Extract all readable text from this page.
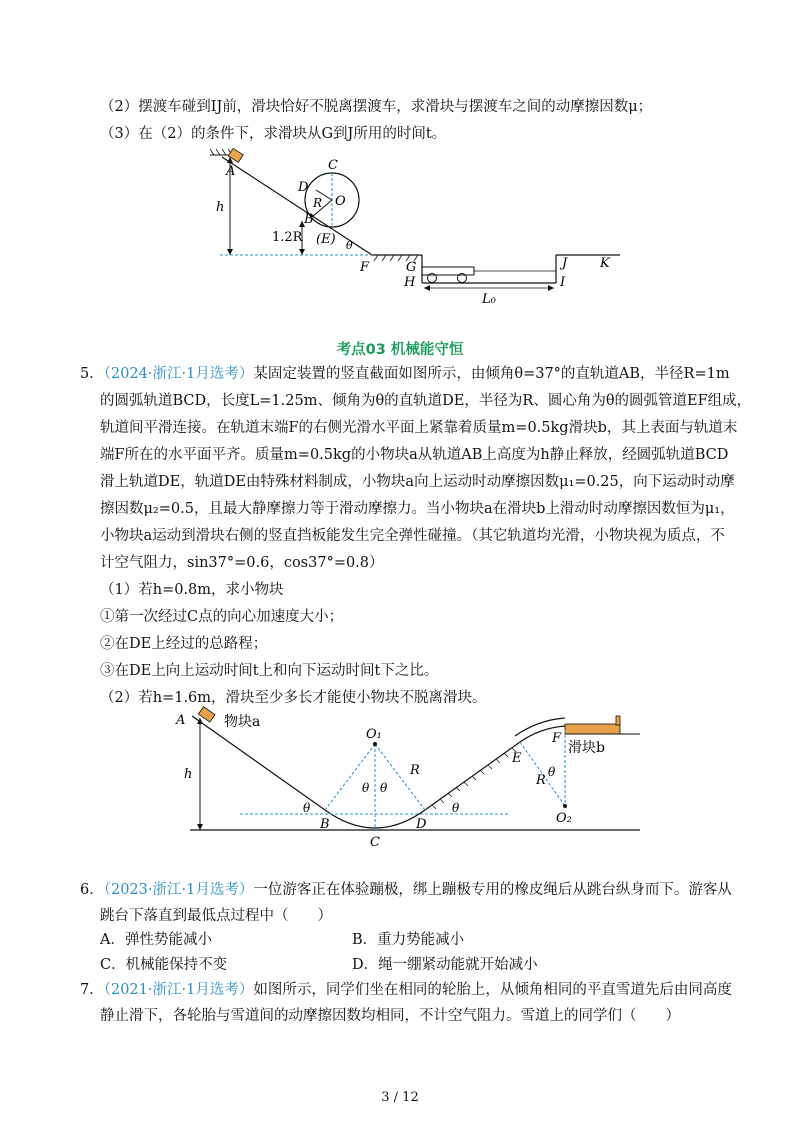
（2）摆渡车碰到IJ前，滑块恰好不脱离摆渡车，求滑块与摆渡车之间的动摩擦因数μ；
（3）在（2）的条件下，求滑块从G到J所用的时间t。
A	C
D
R O
B
(E) θ
h
1.2R
F	G
H
J
I
K
L₀
考点03 机械能守恒
5．（2024·浙江·1月选考）某固定装置的竖直截面如图所示，由倾角θ=37°的直轨道AB，半径R=1m
的圆弧轨道BCD，长度L=1.25m、倾角为θ的直轨道DE，半径为R、圆心角为θ的圆弧管道EF组成，
轨道间平滑连接。在轨道末端F的右侧光滑水平面上紧靠着质量m=0.5kg滑块b，其上表面与轨道末
端F所在的水平面平齐。质量m=0.5kg的小物块a从轨道AB上高度为h静止释放，经圆弧轨道BCD
滑上轨道DE，轨道DE由特殊材料制成，小物块a向上运动时动摩擦因数μ₁=0.25，向下运动时动摩
擦因数μ₂=0.5，且最大静摩擦力等于滑动摩擦力。当小物块a在滑块b上滑动时动摩擦因数恒为μ₁，
小物块a运动到滑块右侧的竖直挡板能发生完全弹性碰撞。（其它轨道均光滑，小物块视为质点，不
计空气阻力，sin37°=0.6，cos37°=0.8）
（1）若h=0.8m，求小物块
①第一次经过C点的向心加速度大小；
②在DE上经过的总路程；
③在DE上向上运动时间t上和向下运动时间t下之比。
（2）若h=1.6m，滑块至少多长才能使小物块不脱离滑块。
A	物块a
h
O₁
θ θ
R
θ	θ
B
C
D
E
F
滑块b
θ
R
O₂
6．（2023·浙江·1月选考）一位游客正在体验蹦极，绑上蹦极专用的橡皮绳后从跳台纵身而下。游客从
跳台下落直到最低点过程中（　　）
A．弹性势能减小	B．重力势能减小
C．机械能保持不变	D．绳一绷紧动能就开始减小
7．（2021·浙江·1月选考）如图所示，同学们坐在相同的轮胎上，从倾角相同的平直雪道先后由同高度
静止滑下，各轮胎与雪道间的动摩擦因数均相同，不计空气阻力。雪道上的同学们（　　）
3 / 12
